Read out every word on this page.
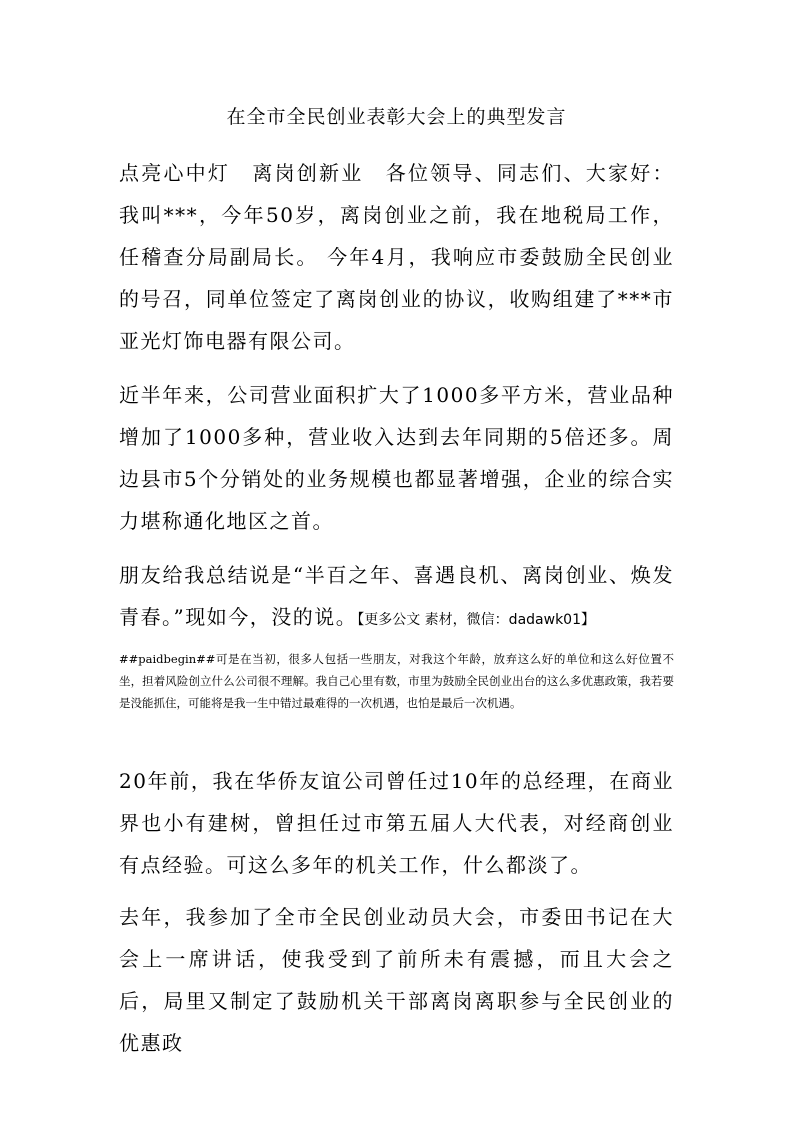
在全市全民创业表彰大会上的典型发言

点亮心中灯　离岗创新业　各位领导、同志们、大家好：我叫***，今年50岁，离岗创业之前，我在地税局工作，任稽查分局副局长。 今年4月，我响应市委鼓励全民创业的号召，同单位签定了离岗创业的协议，收购组建了***市亚光灯饰电器有限公司。

近半年来，公司营业面积扩大了1000多平方米，营业品种增加了1000多种，营业收入达到去年同期的5倍还多。周边县市5个分销处的业务规模也都显著增强，企业的综合实力堪称通化地区之首。

朋友给我总结说是“半百之年、喜遇良机、离岗创业、焕发青春。”现如今，没的说。【更多公文 素材，微信：dadawk01】

##paidbegin##可是在当初，很多人包括一些朋友，对我这个年龄，放弃这么好的单位和这么好位置不坐，担着风险创立什么公司很不理解。我自己心里有数，市里为鼓励全民创业出台的这么多优惠政策，我若要是没能抓住，可能将是我一生中错过最难得的一次机遇，也怕是最后一次机遇。

20年前，我在华侨友谊公司曾任过10年的总经理，在商业界也小有建树，曾担任过市第五届人大代表，对经商创业有点经验。可这么多年的机关工作，什么都淡了。

去年，我参加了全市全民创业动员大会，市委田书记在大会上一席讲话，使我受到了前所未有震撼，而且大会之后，局里又制定了鼓励机关干部离岗离职参与全民创业的优惠政
